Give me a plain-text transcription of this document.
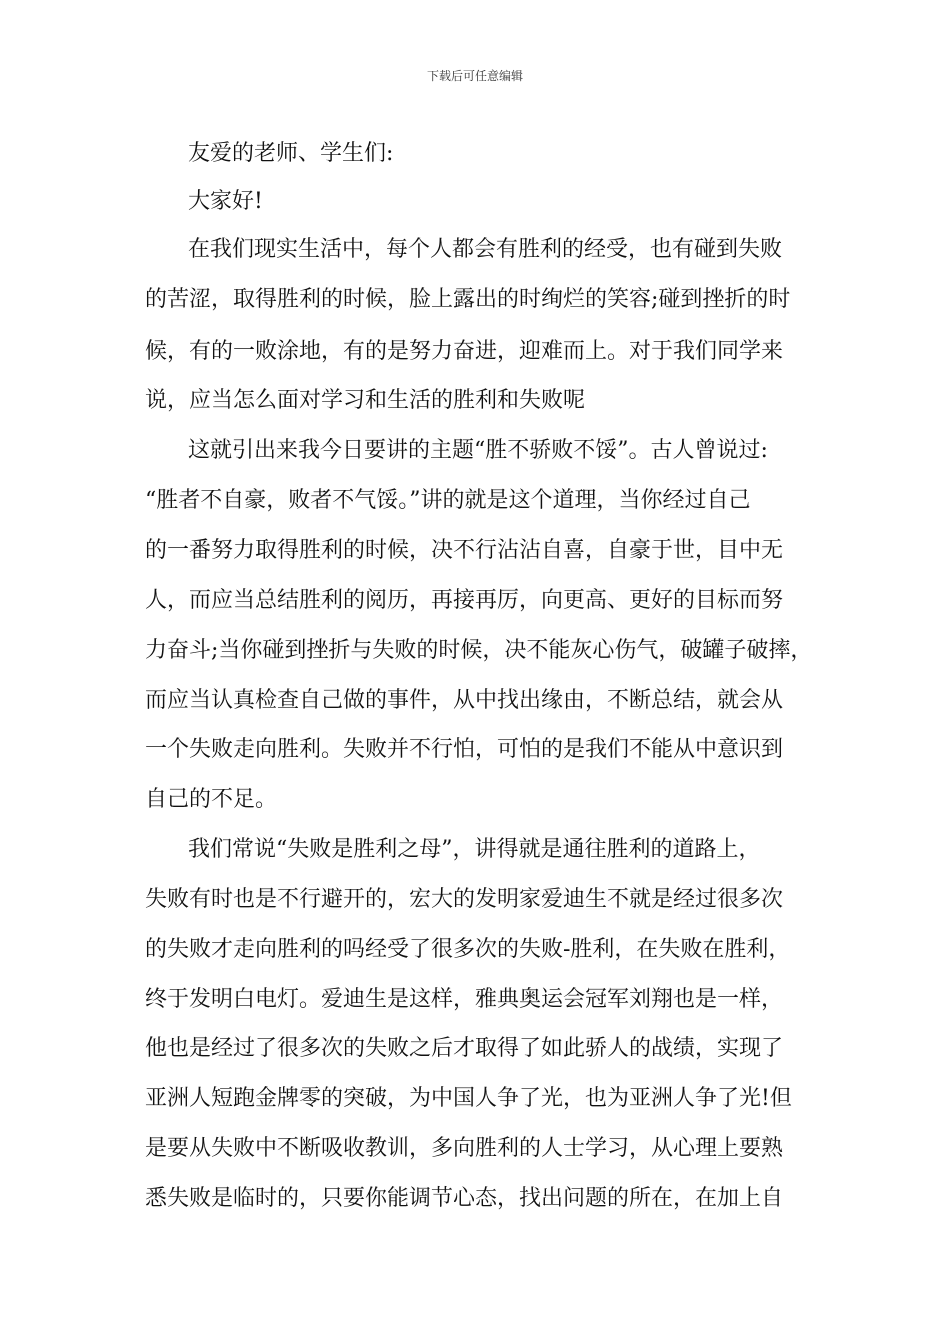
下载后可任意编辑
友爱的老师、学生们:
大家好!
在我们现实生活中，每个人都会有胜利的经受，也有碰到失败
的苦涩，取得胜利的时候，脸上露出的时绚烂的笑容;碰到挫折的时
候，有的一败涂地，有的是努力奋进，迎难而上。对于我们同学来
说，应当怎么面对学习和生活的胜利和失败呢
这就引出来我今日要讲的主题“胜不骄败不馁”。古人曾说过:
“胜者不自豪，败者不气馁。”讲的就是这个道理，当你经过自己
的一番努力取得胜利的时候，决不行沾沾自喜，自豪于世，目中无
人，而应当总结胜利的阅历，再接再厉，向更高、更好的目标而努
力奋斗;当你碰到挫折与失败的时候，决不能灰心伤气，破罐子破摔，
而应当认真检查自己做的事件，从中找出缘由，不断总结，就会从
一个失败走向胜利。失败并不行怕，可怕的是我们不能从中意识到
自己的不足。
我们常说“失败是胜利之母”，讲得就是通往胜利的道路上，
失败有时也是不行避开的，宏大的发明家爱迪生不就是经过很多次
的失败才走向胜利的吗经受了很多次的失败-胜利，在失败在胜利，
终于发明白电灯。爱迪生是这样，雅典奥运会冠军刘翔也是一样，
他也是经过了很多次的失败之后才取得了如此骄人的战绩，实现了
亚洲人短跑金牌零的突破，为中国人争了光，也为亚洲人争了光!但
是要从失败中不断吸收教训，多向胜利的人士学习，从心理上要熟
悉失败是临时的，只要你能调节心态，找出问题的所在，在加上自
